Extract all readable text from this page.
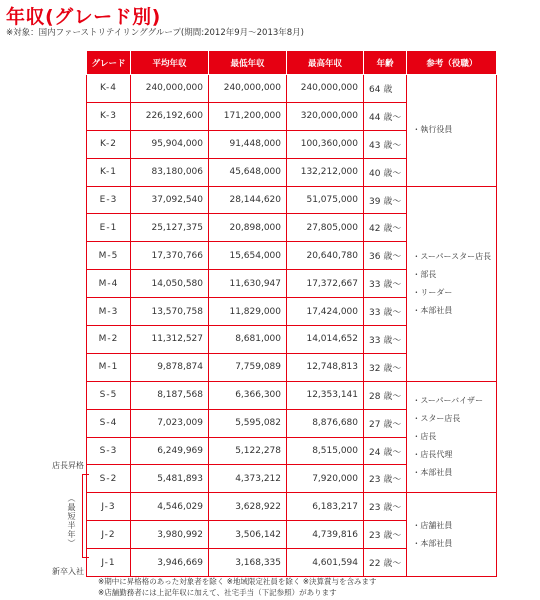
年収(グレード別)
※対象：国内ファーストリテイリンググループ(期間:2012年9月〜2013年8月)
グレード	平均年収	最低年収	最高年収	年齢	参考（役職）
K-4	240,000,000	240,000,000	240,000,000	64 歳	・執行役員

K-3	226,192,600	171,200,000	320,000,000	44 歳〜	
K-2	95,904,000	91,448,000	100,360,000	43 歳〜	
K-1	83,180,006	45,648,000	132,212,000	40 歳〜	
E-3	37,092,540	28,144,620	51,075,000	39 歳〜	・スーパースター店長
・部長
・リーダー
・本部社員

E-1	25,127,375	20,898,000	27,805,000	42 歳〜	
M-5	17,370,766	15,654,000	20,640,780	36 歳〜	
M-4	14,050,580	11,630,947	17,372,667	33 歳〜	
M-3	13,570,758	11,829,000	17,424,000	33 歳〜	
M-2	11,312,527	8,681,000	14,014,652	33 歳〜	
M-1	9,878,874	7,759,089	12,748,813	32 歳〜	
S-5	8,187,568	6,366,300	12,353,141	28 歳〜	・スーパーバイザー
・スター店長
・店長
・店長代理
・本部社員

S-4	7,023,009	5,595,082	8,876,680	27 歳〜	
S-3	6,249,969	5,122,278	8,515,000	24 歳〜	
S-2	5,481,893	4,373,212	7,920,000	23 歳〜	
J-3	4,546,029	3,628,922	6,183,217	23 歳〜	・店舗社員
・本部社員

J-2	3,980,992	3,506,142	4,739,816	23 歳〜	
J-1	3,946,669	3,168,335	4,601,594	22 歳〜	
店長昇格
（最短半年）
新卒入社
※期中に昇格格のあった対象者を除く ※地域限定社員を除く ※決算賞与を含みます
※店舗勤務者には上記年収に加えて、社宅手当（下記参照）があります
